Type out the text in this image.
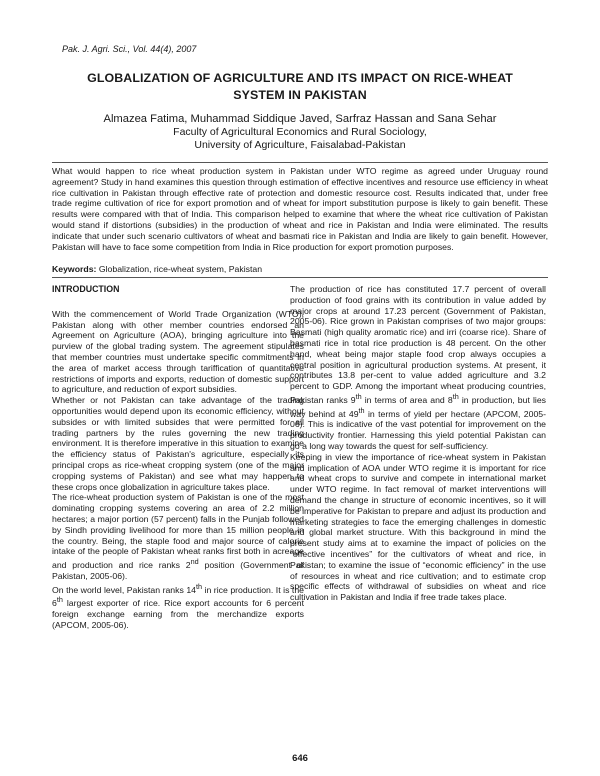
Pak. J. Agri. Sci., Vol. 44(4), 2007
GLOBALIZATION OF AGRICULTURE AND ITS IMPACT ON RICE-WHEAT
SYSTEM IN PAKISTAN
Almazea Fatima, Muhammad Siddique Javed, Sarfraz Hassan and Sana Sehar
Faculty of Agricultural Economics and Rural Sociology,
University of Agriculture, Faisalabad-Pakistan

What would happen to rice wheat production system in Pakistan under WTO regime as agreed under Uruguay round agreement? Study in hand examines this question through estimation of effective incentives and resource use efficiency in wheat rice cultivation in Pakistan through effective rate of protection and domestic resource cost. Results indicated that, under free trade regime cultivation of rice for export promotion and of wheat for import substitution purpose is likely to gain benefit. These results were compared with that of India. This comparison helped to examine that where the wheat rice cultivation of Pakistan would stand if distortions (subsidies) in the production of wheat and rice in Pakistan and India were eliminated. The results indicate that under such scenario cultivators of wheat and basmati rice in Pakistan and India are likely to gain benefit. However, Pakistan will have to face some competition from India in Rice production for export promotion purposes.

Keywords: Globalization, rice-wheat system, Pakistan

INTRODUCTION

With the commencement of World Trade Organization (WTO), Pakistan along with other member countries endorsed an Agreement on Agriculture (AOA), bringing agriculture into the purview of the global trading system. The agreement stipulates that member countries must undertake specific commitments in the area of market access through tariffication of quantitative restrictions of imports and exports, reduction of domestic support to agriculture, and reduction of export subsidies.

Whether or not Pakistan can take advantage of the trading opportunities would depend upon its economic efficiency, without subsides or with limited subsides that were permitted for all trading partners by the rules governing the new trading environment. It is therefore imperative in this situation to examine the efficiency status of Pakistan's agriculture, especially its principal crops as rice-wheat cropping system (one of the major cropping systems of Pakistan) and see what may happen to these crops once globalization in agriculture takes place.

The rice-wheat production system of Pakistan is one of the most dominating cropping systems covering an area of 2.2 million hectares; a major portion (57 percent) falls in the Punjab followed by Sindh providing livelihood for more than 15 million people in the country. Being, the staple food and major source of calorie intake of the people of Pakistan wheat ranks first both in acreage and production and rice ranks 2nd position (Government of Pakistan, 2005-06).

On the world level, Pakistan ranks 14th in rice production. It is the 6th largest exporter of rice. Rice export accounts for 6 percent foreign exchange earning from the merchandize exports (APCOM, 2005-06).

The production of rice has constituted 17.7 percent of overall production of food grains with its contribution in value added by major crops at around 17.23 percent (Government of Pakistan, 2005-06). Rice grown in Pakistan comprises of two major groups: Basmati (high quality aromatic rice) and irri (coarse rice). Share of basmati rice in total rice production is 48 percent. On the other hand, wheat being major staple food crop always occupies a central position in agricultural production systems. At present, it contributes 13.8 per-cent to value added agriculture and 3.2 percent to GDP. Among the important wheat producing countries, Pakistan ranks 9th in terms of area and 8th in production, but lies way behind at 49th in terms of yield per hectare (APCOM, 2005-06). This is indicative of the vast potential for improvement on the productivity frontier. Harnessing this yield potential Pakistan can go a long way towards the quest for self-sufficiency.

Keeping in view the importance of rice-wheat system in Pakistan and implication of AOA under WTO regime it is important for rice and wheat crops to survive and compete in international market under WTO regime. In fact removal of market interventions will demand the change in structure of economic incentives, so it will be imperative for Pakistan to prepare and adjust its production and marketing strategies to face the emerging challenges in domestic and global market structure. With this background in mind the present study aims at to examine the impact of policies on the “effective incentives” for the cultivators of wheat and rice, in Pakistan; to examine the issue of “economic efficiency” in the use of resources in wheat and rice cultivation; and to estimate crop specific effects of withdrawal of subsidies on wheat and rice cultivation in Pakistan and India if free trade takes place.

646
